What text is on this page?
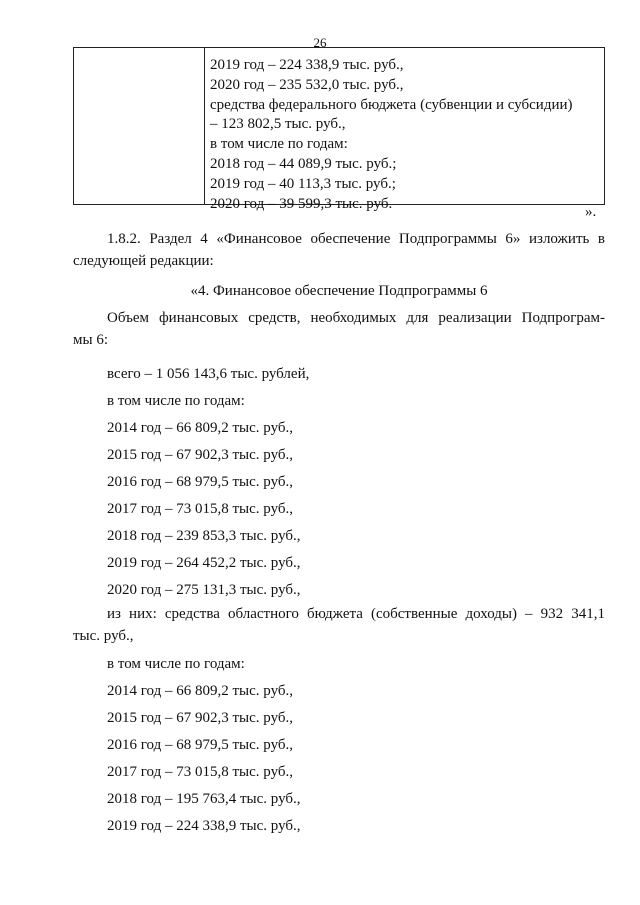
26
2019 год – 224 338,9 тыс. руб.,
2020 год – 235 532,0 тыс. руб.,
средства федерального бюджета (субвенции и субсидии)
– 123 802,5 тыс. руб.,
в том числе по годам:
2018 год – 44 089,9 тыс. руб.;
2019 год – 40 113,3 тыс. руб.;
2020 год – 39 599,3 тыс. руб.
».
1.8.2. Раздел 4 «Финансовое обеспечение Подпрограммы 6» изложить в
следующей редакции:
«4. Финансовое обеспечение Подпрограммы 6
Объем финансовых средств, необходимых для реализации Подпрограм-
мы 6:
всего – 1 056 143,6 тыс. рублей,
в том числе по годам:
2014 год – 66 809,2 тыс. руб.,
2015 год – 67 902,3 тыс. руб.,
2016 год – 68 979,5 тыс. руб.,
2017 год – 73 015,8 тыс. руб.,
2018 год – 239 853,3 тыс. руб.,
2019 год – 264 452,2 тыс. руб.,
2020 год – 275 131,3 тыс. руб.,
из них: средства областного бюджета (собственные доходы) – 932 341,1
тыс. руб.,
в том числе по годам:
2014 год – 66 809,2 тыс. руб.,
2015 год – 67 902,3 тыс. руб.,
2016 год – 68 979,5 тыс. руб.,
2017 год – 73 015,8 тыс. руб.,
2018 год – 195 763,4 тыс. руб.,
2019 год – 224 338,9 тыс. руб.,
